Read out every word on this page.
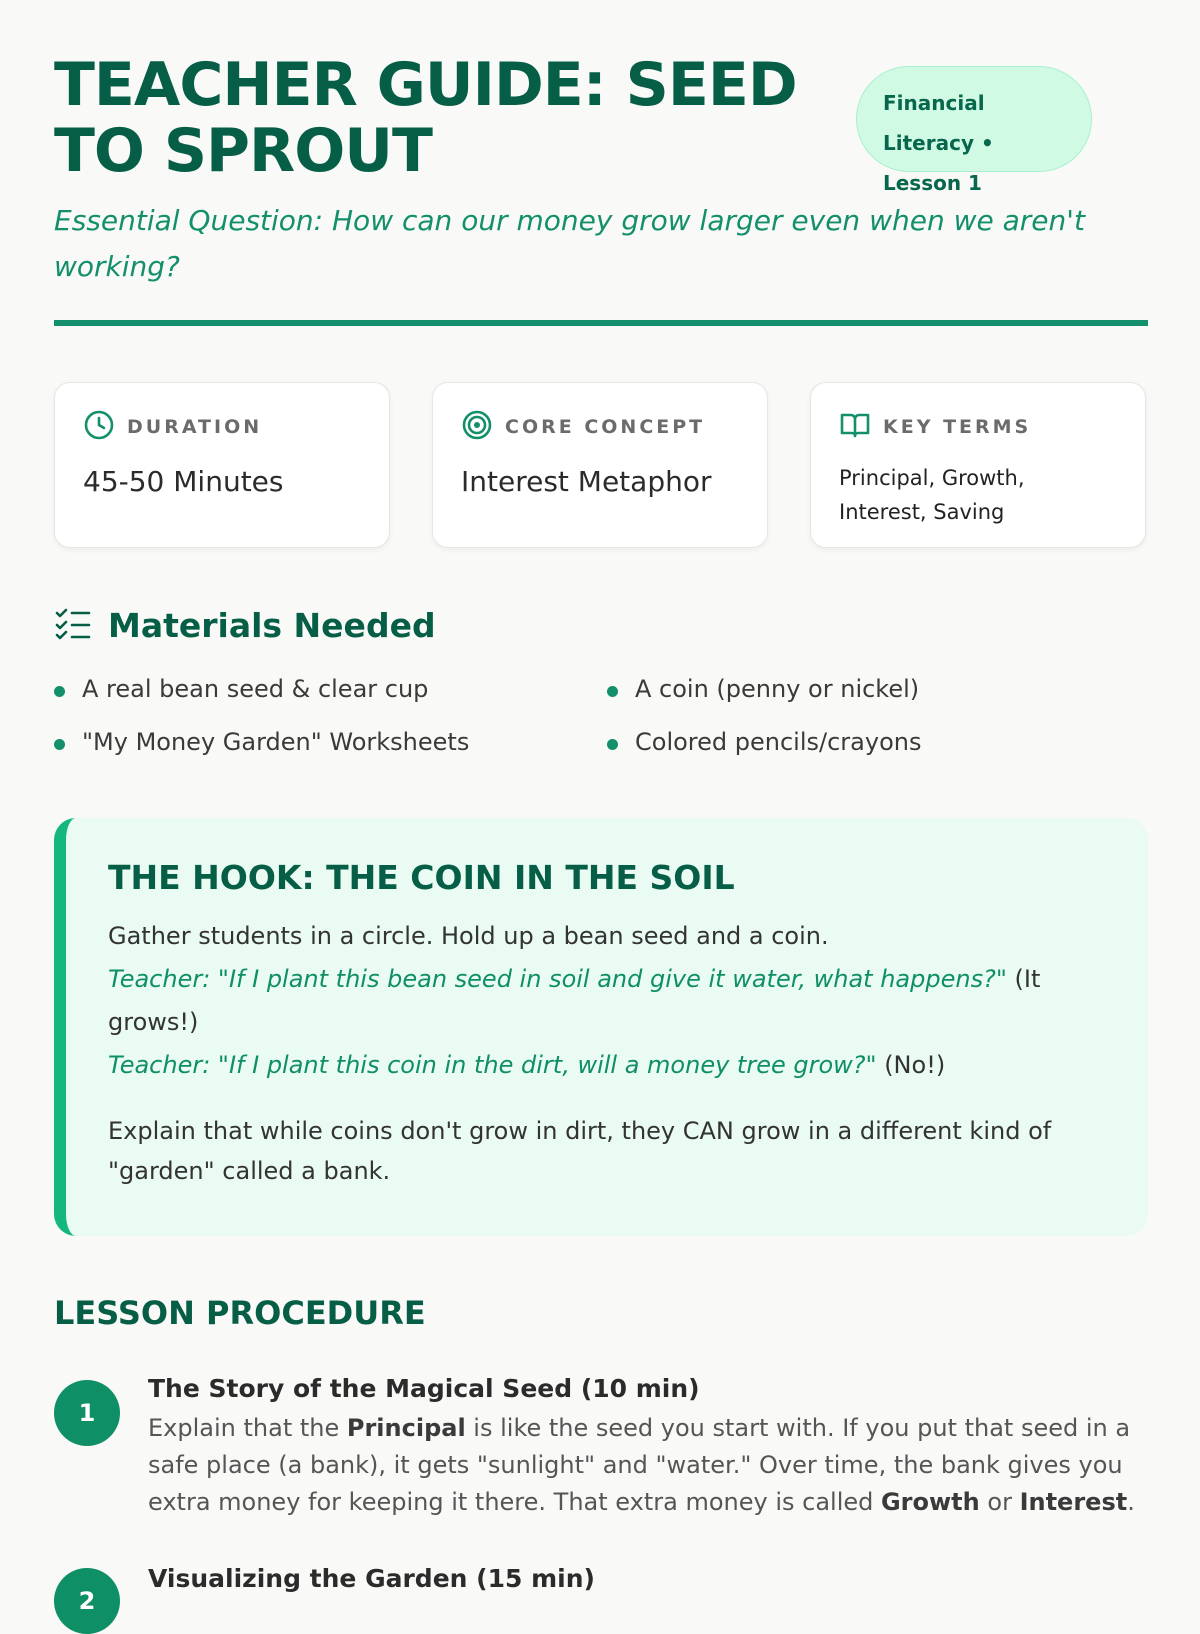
TEACHER GUIDE: SEED TO SPROUT
Financial Literacy •
Lesson 1

Essential Question: How can our money grow larger even when we aren't working?

DURATION
45-50 Minutes
CORE CONCEPT
Interest Metaphor
KEY TERMS
Principal, Growth, Interest, Saving
Materials Needed
A real bean seed & clear cup	A coin (penny or nickel)
"My Money Garden" Worksheets	Colored pencils/crayons
THE HOOK: THE COIN IN THE SOIL

Gather students in a circle. Hold up a bean seed and a coin.

Teacher: "If I plant this bean seed in soil and give it water, what happens?" (It grows!)

Teacher: "If I plant this coin in the dirt, will a money tree grow?" (No!)

Explain that while coins don't grow in dirt, they CAN grow in a different kind of "garden" called a bank.

LESSON PROCEDURE
1
The Story of the Magical Seed (10 min)
Explain that the Principal is like the seed you start with. If you put that seed in a safe place (a bank), it gets "sunlight" and "water." Over time, the bank gives you extra money for keeping it there. That extra money is called Growth or Interest.
2
Visualizing the Garden (15 min)
